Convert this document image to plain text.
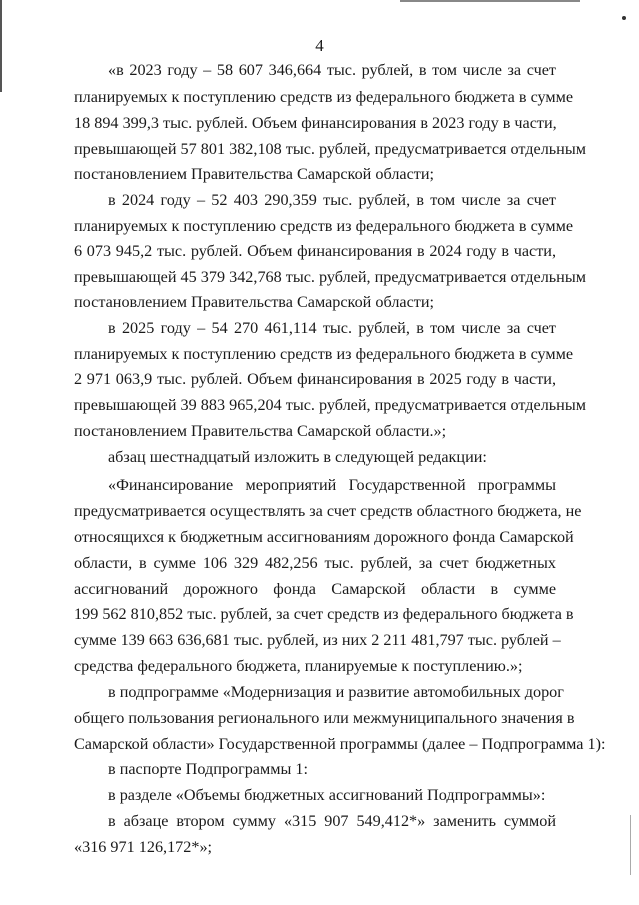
4
«в 2023 году – 58 607 346,664 тыс. рублей, в том числе за счет
планируемых к поступлению средств из федерального бюджета в сумме
18 894 399,3 тыс. рублей. Объем финансирования в 2023 году в части,
превышающей 57 801 382,108 тыс. рублей, предусматривается отдельным
постановлением Правительства Самарской области;
в 2024 году – 52 403 290,359 тыс. рублей, в том числе за счет
планируемых к поступлению средств из федерального бюджета в сумме
6 073 945,2 тыс. рублей. Объем финансирования в 2024 году в части,
превышающей 45 379 342,768 тыс. рублей, предусматривается отдельным
постановлением Правительства Самарской области;
в 2025 году – 54 270 461,114 тыс. рублей, в том числе за счет
планируемых к поступлению средств из федерального бюджета в сумме
2 971 063,9 тыс. рублей. Объем финансирования в 2025 году в части,
превышающей 39 883 965,204 тыс. рублей, предусматривается отдельным
постановлением Правительства Самарской области.»;
абзац шестнадцатый изложить в следующей редакции:
«Финансирование мероприятий Государственной программы
предусматривается осуществлять за счет средств областного бюджета, не
относящихся к бюджетным ассигнованиям дорожного фонда Самарской
области, в сумме 106 329 482,256 тыс. рублей, за счет бюджетных
ассигнований дорожного фонда Самарской области в сумме
199 562 810,852 тыс. рублей, за счет средств из федерального бюджета в
сумме 139 663 636,681 тыс. рублей, из них 2 211 481,797 тыс. рублей –
средства федерального бюджета, планируемые к поступлению.»;
в подпрограмме «Модернизация и развитие автомобильных дорог
общего пользования регионального или межмуниципального значения в
Самарской области» Государственной программы (далее – Подпрограмма 1):
в паспорте Подпрограммы 1:
в разделе «Объемы бюджетных ассигнований Подпрограммы»:
в абзаце втором сумму «315 907 549,412*» заменить суммой
«316 971 126,172*»;
